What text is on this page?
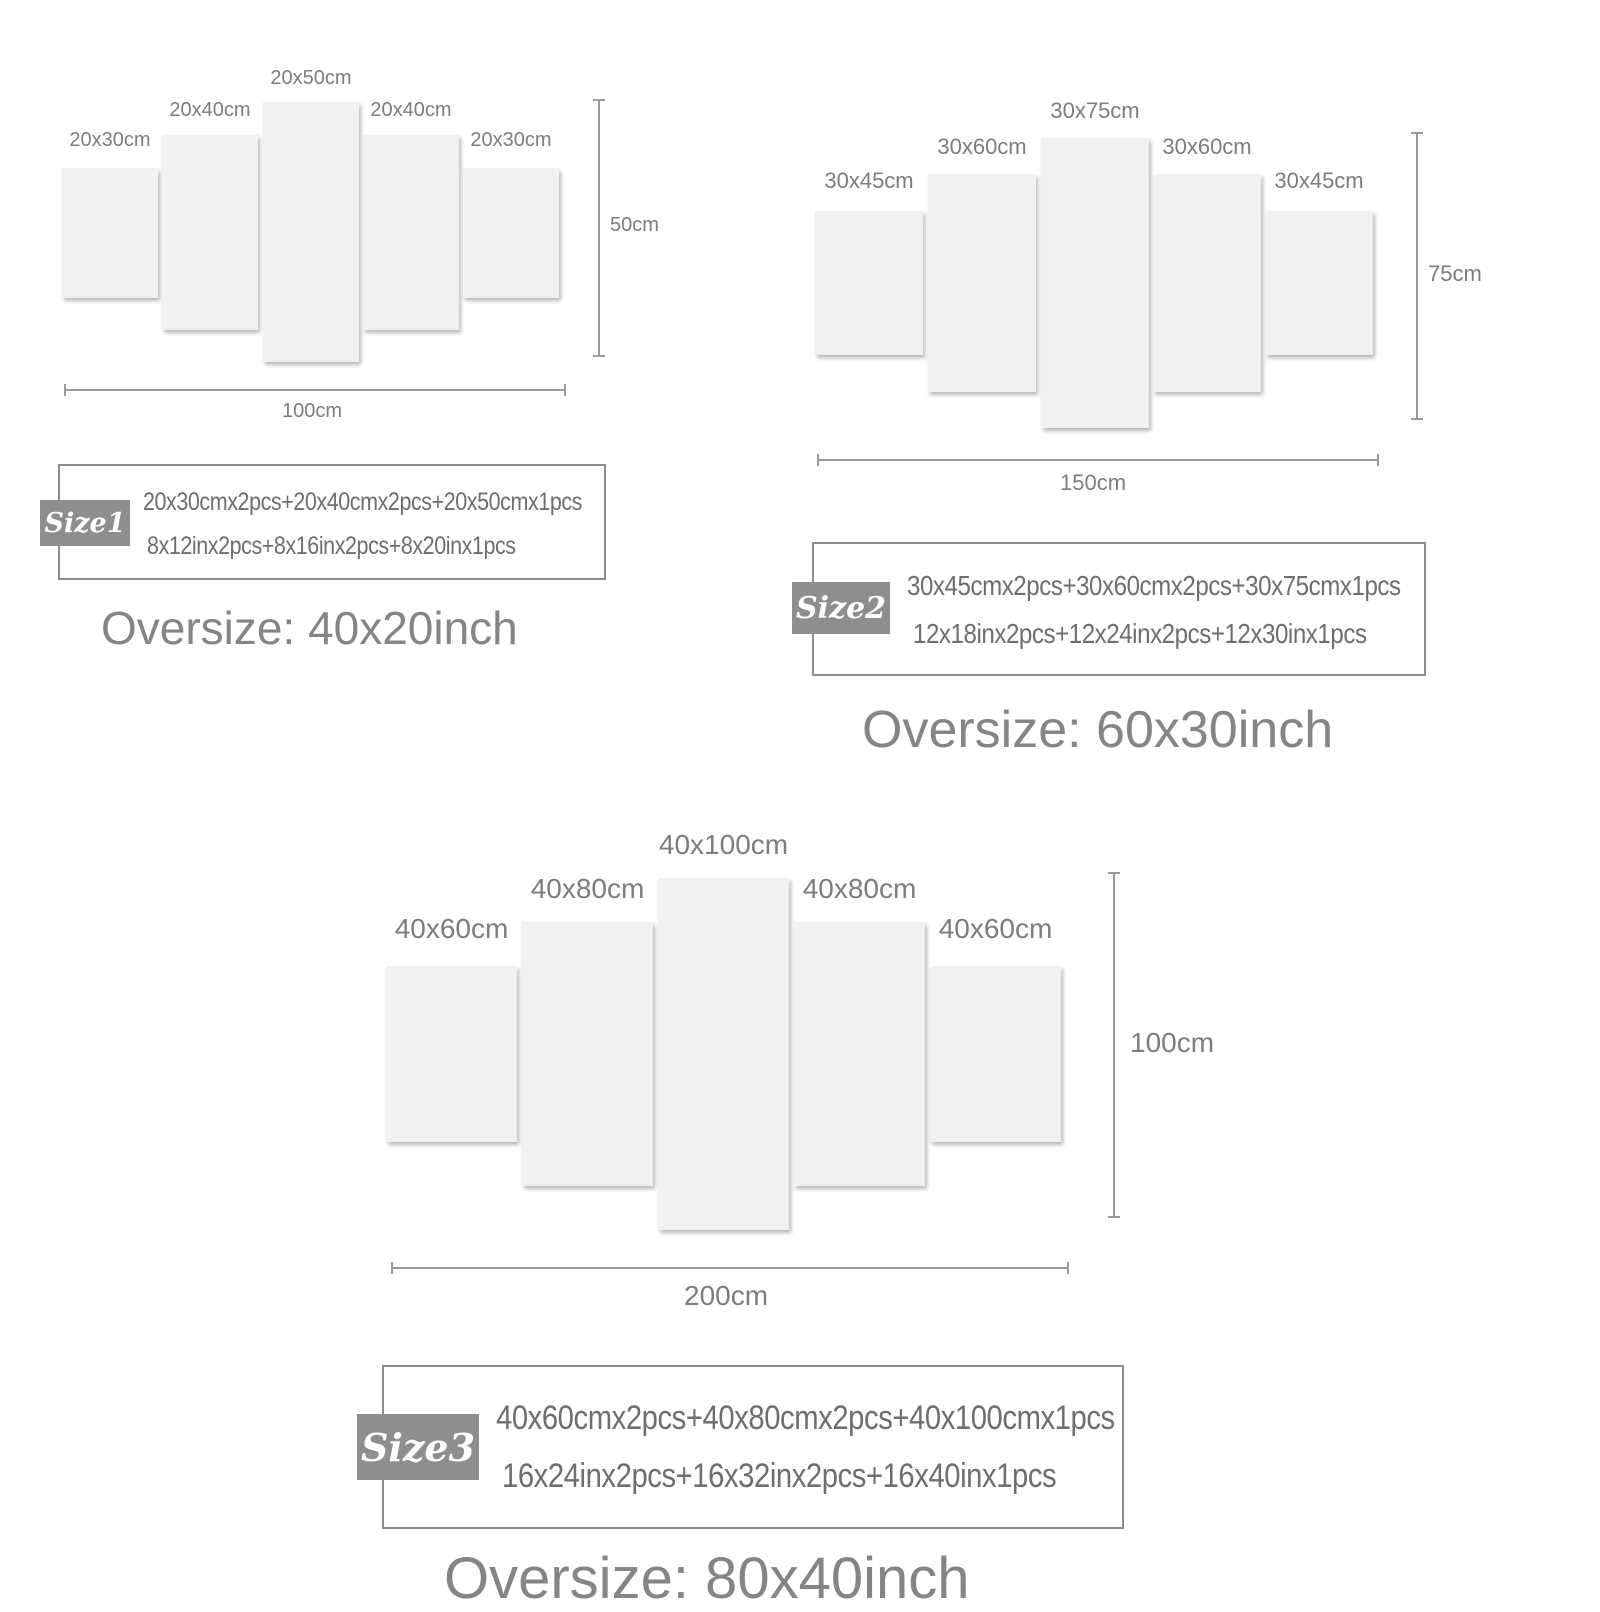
20x30cm
20x40cm
20x50cm
20x40cm
20x30cm
100cm
50cm
Size1
20x30cmx2pcs+20x40cmx2pcs+20x50cmx1pcs
8x12inx2pcs+8x16inx2pcs+8x20inx1pcs
Oversize: 40x20inch
30x45cm
30x60cm
30x75cm
30x60cm
30x45cm
150cm
75cm
Size2
30x45cmx2pcs+30x60cmx2pcs+30x75cmx1pcs
12x18inx2pcs+12x24inx2pcs+12x30inx1pcs
Oversize: 60x30inch
40x60cm
40x80cm
40x100cm
40x80cm
40x60cm
200cm
100cm
Size3
40x60cmx2pcs+40x80cmx2pcs+40x100cmx1pcs
16x24inx2pcs+16x32inx2pcs+16x40inx1pcs
Oversize: 80x40inch
